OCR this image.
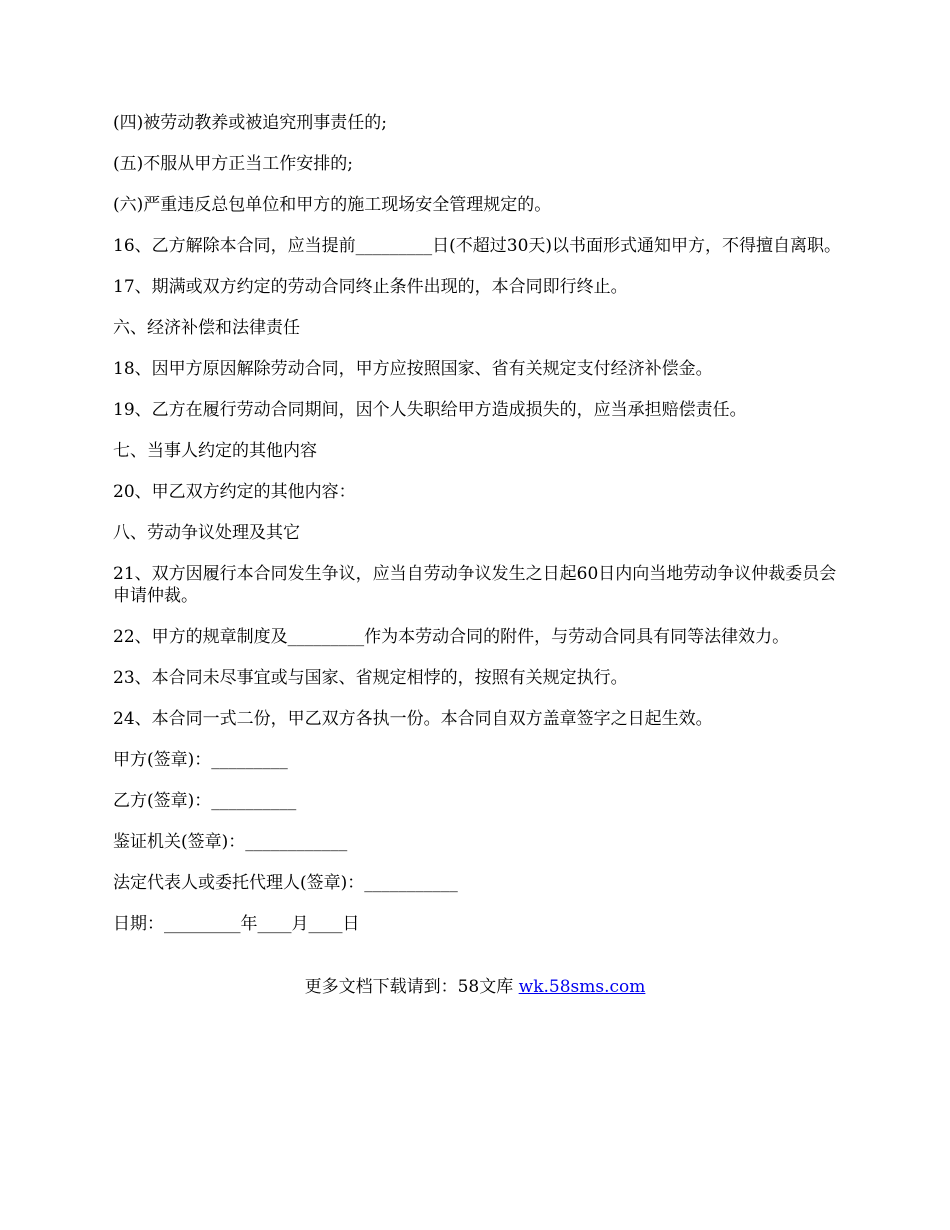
(四)被劳动教养或被追究刑事责任的;

(五)不服从甲方正当工作安排的;

(六)严重违反总包单位和甲方的施工现场安全管理规定的。

16、乙方解除本合同，应当提前_________日(不超过30天)以书面形式通知甲方，不得擅自离职。

17、期满或双方约定的劳动合同终止条件出现的，本合同即行终止。

六、经济补偿和法律责任

18、因甲方原因解除劳动合同，甲方应按照国家、省有关规定支付经济补偿金。

19、乙方在履行劳动合同期间，因个人失职给甲方造成损失的，应当承担赔偿责任。

七、当事人约定的其他内容

20、甲乙双方约定的其他内容：

八、劳动争议处理及其它

21、双方因履行本合同发生争议，应当自劳动争议发生之日起60日内向当地劳动争议仲裁委员会申请仲裁。

22、甲方的规章制度及_________作为本劳动合同的附件，与劳动合同具有同等法律效力。

23、本合同未尽事宜或与国家、省规定相悖的，按照有关规定执行。

24、本合同一式二份，甲乙双方各执一份。本合同自双方盖章签字之日起生效。

甲方(签章)：_________

乙方(签章)：__________

鉴证机关(签章)：____________

法定代表人或委托代理人(签章)：___________

日期：_________年____月____日

更多文档下载请到：58文库 wk.58sms.com
